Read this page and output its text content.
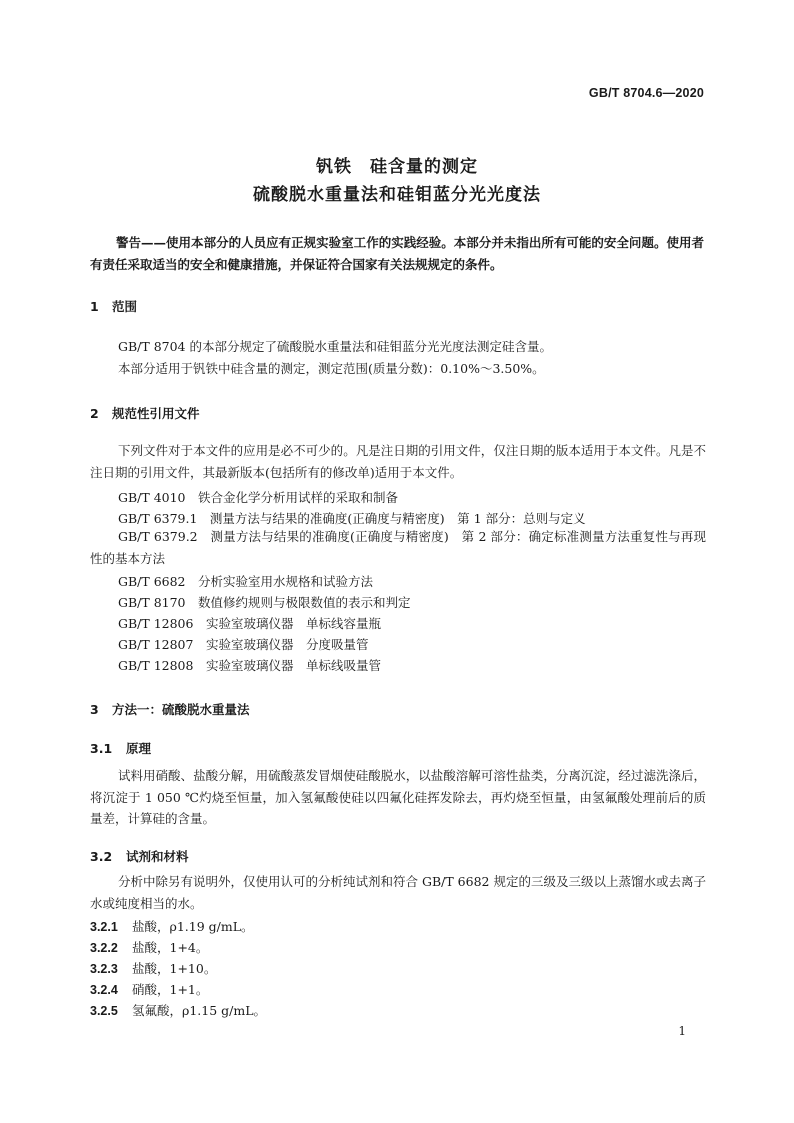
GB/T 8704.6—2020
钒铁　硅含量的测定
硫酸脱水重量法和硅钼蓝分光光度法
警告——使用本部分的人员应有正规实验室工作的实践经验。本部分并未指出所有可能的安全问题。使用者有责任采取适当的安全和健康措施，并保证符合国家有关法规规定的条件。
1 范围
GB/T 8704 的本部分规定了硫酸脱水重量法和硅钼蓝分光光度法测定硅含量。
本部分适用于钒铁中硅含量的测定，测定范围(质量分数)：0.10%～3.50%。
2 规范性引用文件
下列文件对于本文件的应用是必不可少的。凡是注日期的引用文件，仅注日期的版本适用于本文件。凡是不注日期的引用文件，其最新版本(包括所有的修改单)适用于本文件。
GB/T 4010　铁合金化学分析用试样的采取和制备
GB/T 6379.1　测量方法与结果的准确度(正确度与精密度)　第 1 部分：总则与定义
GB/T 6379.2　测量方法与结果的准确度(正确度与精密度)　第 2 部分：确定标准测量方法重复性与再现性的基本方法
GB/T 6682　分析实验室用水规格和试验方法
GB/T 8170　数值修约规则与极限数值的表示和判定
GB/T 12806　实验室玻璃仪器　单标线容量瓶
GB/T 12807　实验室玻璃仪器　分度吸量管
GB/T 12808　实验室玻璃仪器　单标线吸量管
3 方法一：硫酸脱水重量法
3.1 原理
试料用硝酸、盐酸分解，用硫酸蒸发冒烟使硅酸脱水，以盐酸溶解可溶性盐类，分离沉淀，经过滤洗涤后，将沉淀于 1 050 ℃灼烧至恒量，加入氢氟酸使硅以四氟化硅挥发除去，再灼烧至恒量，由氢氟酸处理前后的质量差，计算硅的含量。
3.2 试剂和材料
分析中除另有说明外，仅使用认可的分析纯试剂和符合 GB/T 6682 规定的三级及三级以上蒸馏水或去离子水或纯度相当的水。
3.2.1 盐酸，ρ1.19 g/mL。
3.2.2 盐酸，1+4。
3.2.3 盐酸，1+10。
3.2.4 硝酸，1+1。
3.2.5 氢氟酸，ρ1.15 g/mL。
1
